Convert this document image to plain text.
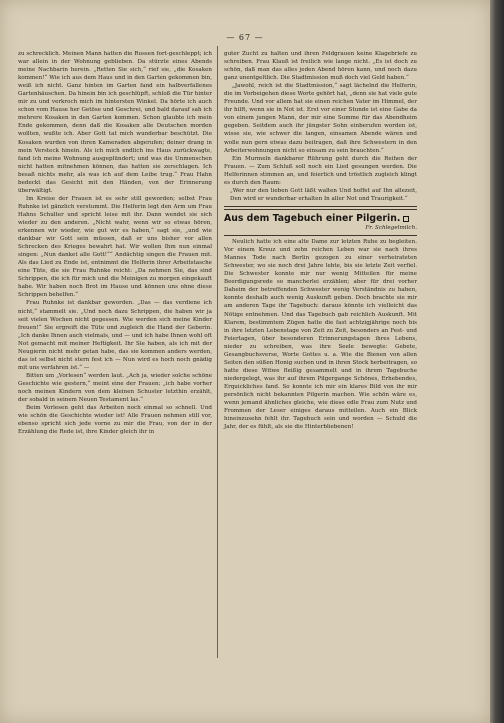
— 67 —

zu schrecklich. Meinen Mann hatten die Russen fort-geschleppt; ich war allein in der Wohnung geblieben. Da stürzte eines Abends meine Nachbarin herein. „Retten Sie sich,“ rief sie, „die Kosaken kommen!“ Wie ich aus dem Haus und in den Garten gekommen bin, weiß ich nicht. Ganz hinten im Garten fand ein halbverfallenes Gartenhäuschen. Da hinein bin ich geschlüpft, schloß die Tür hinter mir zu und verkroch mich im hintersten Winkel. Da hörte ich auch schon vom Hause her Getöse und Geschrei, und bald darauf sah ich mehrere Kosaken in den Garten kommen. Schon glaubte ich mein Ende gekommen, denn daß die Kosaken alle Deutschen morden wollten, wußte ich. Aber Gott tat mich wunderbar beschützt. Die Kosaken wurden von ihren Kameraden abgerufen; deiner drang in mein Versteck hinein. Als ich mich endlich ins Haus zurückwagte, fand ich meine Wohnung ausgeplündert; und was die Unmenschen nicht hatten mitnehmen können, das hatten sie zerschlagen. Ich besaß nichts mehr, als was ich auf dem Leibe trug.“ Frau Hahn bedeckt das Gesicht mit den Händen, von der Erinnerung überwältigt.

Im Kreise der Frauen ist es sehr still geworden; selbst Frau Ruhnke ist gänzlich verstummt. Die Helferin legt den Arm um Frau Hahns Schulter und spricht leise mit ihr. Dann wendet sie sich wieder zu den anderen. „Nicht wahr, wenn wir so etwas hören, erkennen wir wieder, wie gut wir es haben,“ sagt sie, „und wie dankbar wir Gott sein müssen, daß er uns bisher vor allen Schrecken des Krieges bewahrt hat. Wir wollen Ihm nun einmal singen: „Nun danket alle Gott!““ Andächtig singen die Frauen mit. Als das Lied zu Ende ist, entnimmt die Helferin ihrer Arbeitstasche eine Tüte, die sie Frau Ruhnke reicht: „Da nehmen Sie, das sind Schrippen, die ich für mich und die Meinigen zu morgen eingekauft habe. Wir haben noch Brot im Hause und können uns ohne diese Schrippen behelfen.“

Frau Ruhnke ist dankbar geworden. „Das — das verdiene ich nicht,“ stammelt sie. „Und noch dazu Schrippen, die haben wir ja seit vielen Wochen nicht gegessen. Wie werden sich meine Kinder freuen!“ Sie ergreift die Tüte und zugleich die Hand der Geberin. „Ich danke Ihnen auch vielmals, und — und ich habe Ihnen wohl oft Not gemacht mit meiner Heftigkeit. Ihr Sie haben, als ich mit der Neugierin nicht mehr getan habe, das sie kommen anders werden, das ist selbst nicht stern fest ich — Nun wird es hoch noch gnädig mit uns verfahren ist.“ —

Bitten um „Vorlesen“ werden laut. „Ach ja, wieder solche schöne Geschichte wie gestern,“ meint eine der Frauen; „ich habe vorher noch meinen Kindern von dem kleinen Schuster letzthin erzählt, der sobald in seinem Neuen Testament las.“

Beim Vorlesen geht das Arbeiten noch einmal so schnell. Und wie schön die Geschichte wieder ist! Alle Frauen nehmen still vor, ebenso spricht sich jede vorne zu mir die Frau, von der in der Erzählung die Rede ist, ihre Kinder gleich ihr in

guter Zucht zu halten und ihren Feldgrauen keine Klagebriefe zu schreiben. Frau Klauß ist freilich wie lange nicht. „Es ist doch zu schön, daß man das alles jeden Abend hören kann, und noch dazu ganz unentgeltlich. Die Stadtmission muß doch viel Geld haben.“

„Jawohl, reich ist die Stadtmission,“ sagt lächelnd die Helferin, die im Vorbeigehen diese Worte gehört hat, „denn sie hat viele gute Freunde. Und vor allem hat sie einen reichen Vater im Himmel, der ihr hilft, wenn sie in Not ist. Erst vor einer Stunde ist eine Gabe da von einem jungen Mann, der mir eine Summe für das Abendheim gegeben. Seitdem auch ihr jüngster Sohn einberufen worden ist, wisse sie, wie schwer die langen, einsamen Abende wären und wolle nun gern etwas dazu beitragen, daß ihre Schwestern in den Arbeiterwohnungen nicht so einsam zu sein brauchten.“

Ein Murmeln dankbarer Rührung geht durch die Reihen der Frauen. — Zum Schluß soll noch ein Lied gesungen werden. Die Helferinnen stimmen an, und feierlich und tröstlich zugleich klingt es durch den Raum:

„Wer nur den lieben Gott läßt walten Und hoffet auf Ihn allezeit, Den wird er wunderbar erhalten In aller Not und Traurigkeit.“

Aus dem Tagebuch einer Pilgerin.
Fr. Schlegelmilch.

Neulich hatte ich eine alte Dame zur letzten Ruhe zu begleiten. Vor einem Kreuz und zehn reichen Leben war sie nach ihres Mannes Tode nach Berlin gezogen zu einer verheirateten Schwester, wo sie noch drei Jahre lebte, bis sie letzte Zeit verfiel. Die Schwester konnte mir nur wenig Mitteilen für meine Beerdigungsrede so mancherlei erzählen; aber für drei vorher Daheim der betreffenden Schwester wenig Verständnis zu haben, konnte deshalb auch wenig Auskunft geben. Doch brachte sie mir am anderen Tage ihr Tagebuch: daraus könnte ich vielleicht das Nötige entnehmen. Und das Tagebuch gab reichlich Auskunft. Mit Klarem, bestimmtem Zügen hatte die fast achtzigjährige noch bis in ihre letzten Lebenstage von Zeit zu Zeit, besonders an Fest- und Feiertagen, über besonderen Erinnerungstagen ihres Lebens, nieder zu schreiben, was ihre Seele bewegte: Gebete, Gesangbuchsverse, Worte Gottes u. a. Wie die Bienen von allen Seiten den süßen Honig suchen und in ihren Stock herbeitragen, so hatte diese Witwe fleißig gesammelt und in ihrem Tagebuche niedergelegt, was ihr auf ihrem Pilgergange Schönes, Erhebendes, Erquickliches fand. So konnte ich mir ein klares Bild von ihr mir persönlich nicht bekannten Pilgerin machen. Wie schön wäre es, wenn jemand ähnliches gleiche, wie diese edle Frau zum Nutz und Frommen der Leser einiges daraus mitteilen. Auch ein Blick hineinzusehn fehlt ihr. Tagebuch sein und worden — Schuld die Jahr, der es fühlt, als sie die Hinterbliebenen!
